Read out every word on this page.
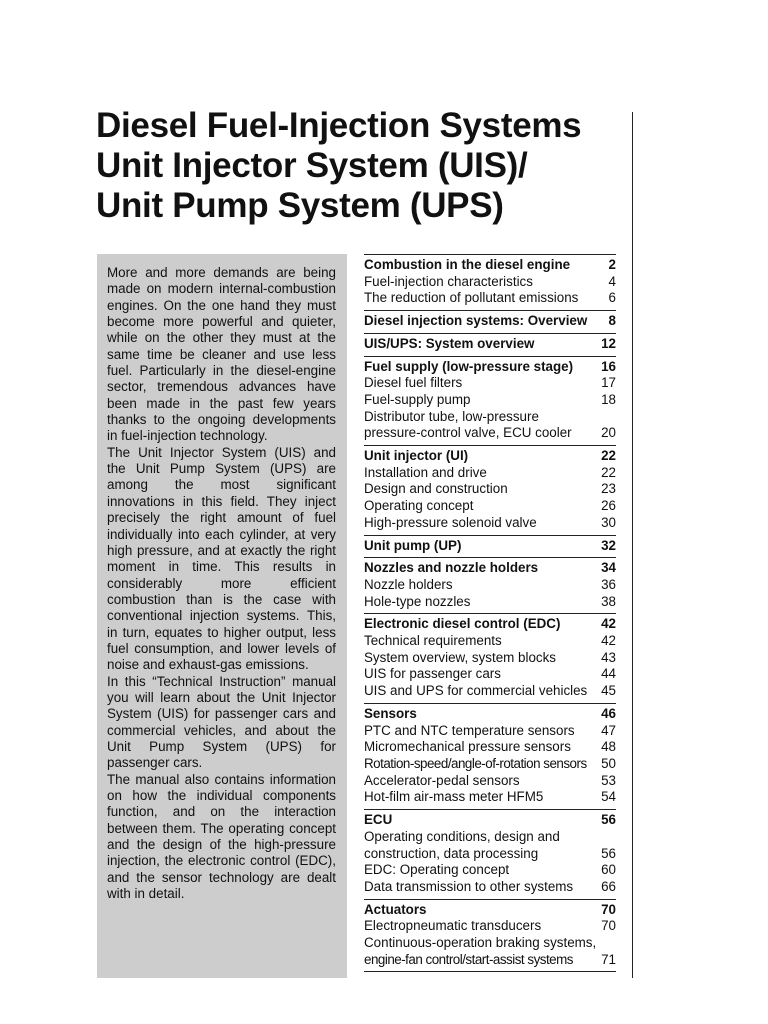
Diesel Fuel-Injection Systems
Unit Injector System (UIS)/
Unit Pump System (UPS)

More and more demands are being made on modern internal-combustion engines. On the one hand they must become more powerful and quieter, while on the other they must at the same time be cleaner and use less fuel. Particularly in the diesel-engine sector, tremendous advances have been made in the past few years thanks to the ongoing developments in fuel-injection technology.

The Unit Injector System (UIS) and the Unit Pump System (UPS) are among the most significant innovations in this field. They inject precisely the right amount of fuel individually into each cylinder, at very high pressure, and at exactly the right moment in time. This results in considerably more efficient combustion than is the case with conventional injection systems. This, in turn, equates to higher output, less fuel consumption, and lower levels of noise and exhaust-gas emissions.

In this “Technical Instruction” manual you will learn about the Unit Injector System (UIS) for passenger cars and commercial vehicles, and about the Unit Pump System (UPS) for passenger cars.

The manual also contains information on how the individual components function, and on the interaction between them. The operating concept and the design of the high-pressure injection, the electronic control (EDC), and the sensor technology are dealt with in detail.

Combustion in the diesel engine	2
Fuel-injection characteristics	4
The reduction of pollutant emissions	6
Diesel injection systems: Overview	8
UIS/UPS: System overview	12
Fuel supply (low-pressure stage)	16
Diesel fuel filters	17
Fuel-supply pump	18
Distributor tube, low-pressure
pressure-control valve, ECU cooler	20
Unit injector (UI)	22
Installation and drive	22
Design and construction	23
Operating concept	26
High-pressure solenoid valve	30
Unit pump (UP)	32
Nozzles and nozzle holders	34
Nozzle holders	36
Hole-type nozzles	38
Electronic diesel control (EDC)	42
Technical requirements	42
System overview, system blocks	43
UIS for passenger cars	44
UIS and UPS for commercial vehicles	45
Sensors	46
PTC and NTC temperature sensors	47
Micromechanical pressure sensors	48
Rotation-speed/angle-of-rotation sensors	50
Accelerator-pedal sensors	53
Hot-film air-mass meter HFM5	54
ECU	56
Operating conditions, design and
construction, data processing	56
EDC: Operating concept	60
Data transmission to other systems	66
Actuators	70
Electropneumatic transducers	70
Continuous-operation braking systems,
engine-fan control/start-assist systems	71
